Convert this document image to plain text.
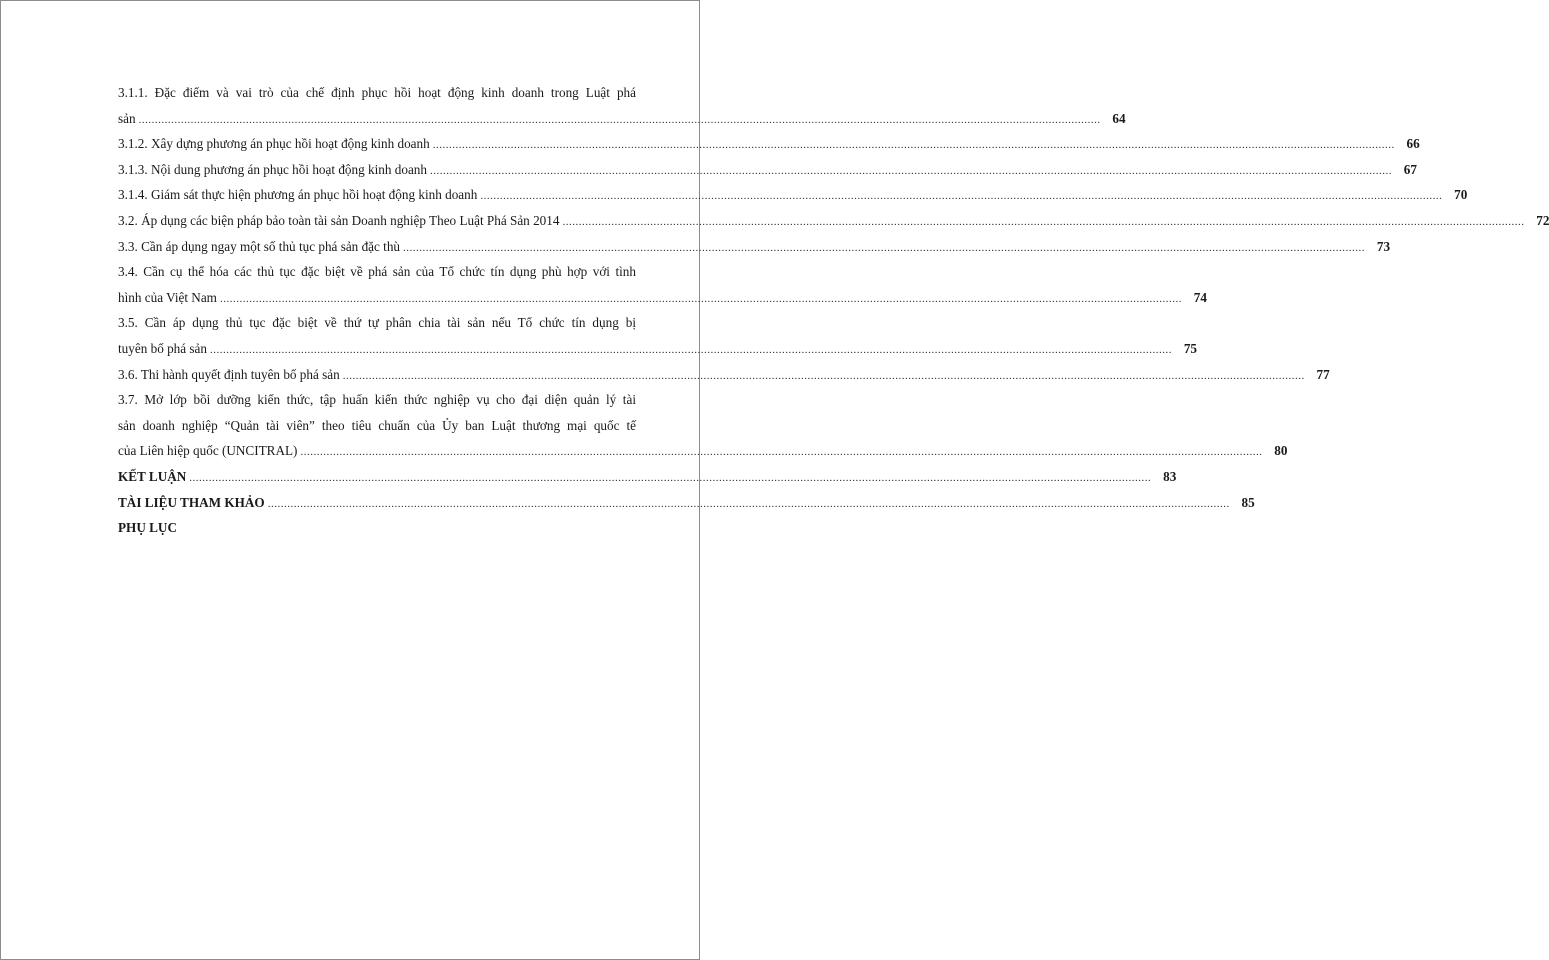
3.1.1. Đặc điểm và vai trò của chế định phục hồi hoạt động kinh doanh trong Luật phá
sản .....	64
3.1.2. Xây dựng phương án phục hồi hoạt động kinh doanh .....	66
3.1.3. Nội dung phương án phục hồi hoạt động kinh doanh .....	67
3.1.4. Giám sát thực hiện phương án phục hồi hoạt động kinh doanh .....	70
3.2. Áp dụng các biện pháp bảo toàn tài sản Doanh nghiệp Theo Luật Phá Sản 2014 .....	72
3.3. Cần áp dụng ngay một số thủ tục phá sản đặc thù .....	73
3.4. Cần cụ thể hóa các thủ tục đặc biệt về phá sản của Tổ chức tín dụng phù hợp với tình
hình của Việt Nam .....	74
3.5. Cần áp dụng thủ tục đặc biệt về thứ tự phân chia tài sản nếu Tổ chức tín dụng bị
tuyên bố phá sản .....	75
3.6. Thi hành quyết định tuyên bố phá sản .....	77
3.7. Mở lớp bồi dưỡng kiến thức, tập huấn kiến thức nghiệp vụ cho đại diện quản lý tài
sản doanh nghiệp “Quản tài viên” theo tiêu chuẩn của Ủy ban Luật thương mại quốc tế
của Liên hiệp quốc (UNCITRAL) .....	80
KẾT LUẬN .....	83
TÀI LIỆU THAM KHẢO .....	85
PHỤ LỤC
